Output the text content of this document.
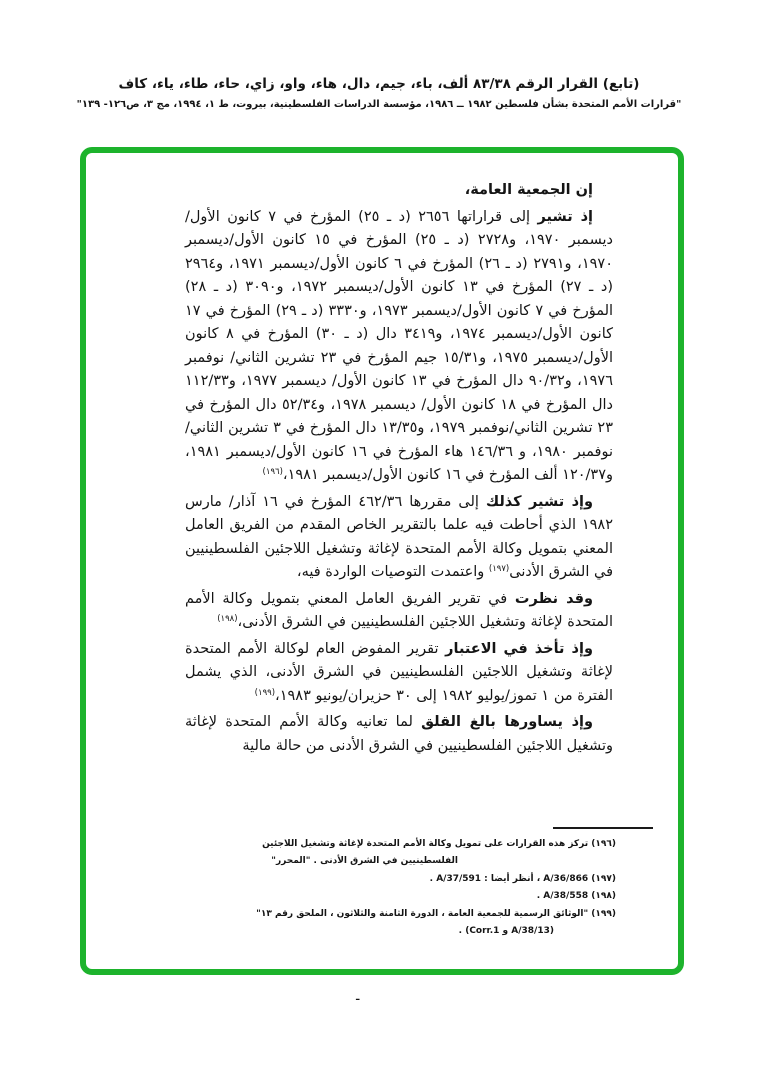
(تابع) القرار الرقم ٨٣/٣٨ ألف، باء، جيم، دال، هاء، واو، زاي، حاء، طاء، ياء، كاف
"قرارات الأمم المتحدة بشأن فلسطين ١٩٨٢ ــ ١٩٨٦، مؤسسة الدراسات الفلسطينية، بيروت، ط ١، ١٩٩٤، مج ٣، ص١٢٦- ١٣٩"

إن الجمعية العامة،

إذ تشير إلى قراراتها ٢٦٥٦ (د ـ ٢٥) المؤرخ في ٧ كانون الأول/ديسمبر ١٩٧٠، و٢٧٢٨ (د ـ ٢٥) المؤرخ في ١٥ كانون الأول/ديسمبر ١٩٧٠، و٢٧٩١ (د ـ ٢٦) المؤرخ في ٦ كانون الأول/ديسمبر ١٩٧١، و٢٩٦٤ (د ـ ٢٧) المؤرخ في ١٣ كانون الأول/ديسمبر ١٩٧٢، و٣٠٩٠ (د ـ ٢٨) المؤرخ في ٧ كانون الأول/ديسمبر ١٩٧٣، و٣٣٣٠ (د ـ ٢٩) المؤرخ في ١٧ كانون الأول/ديسمبر ١٩٧٤، و٣٤١٩ دال (د ـ ٣٠) المؤرخ في ٨ كانون الأول/ديسمبر ١٩٧٥، و١٥/٣١ جيم المؤرخ في ٢٣ تشرين الثاني/ نوفمبر ١٩٧٦، و٩٠/٣٢ دال المؤرخ في ١٣ كانون الأول/ ديسمبر ١٩٧٧، و١١٢/٣٣ دال المؤرخ في ١٨ كانون الأول/ ديسمبر ١٩٧٨، و٥٢/٣٤ دال المؤرخ في ٢٣ تشرين الثاني/نوفمبر ١٩٧٩، و١٣/٣٥ دال المؤرخ في ٣ تشرين الثاني/نوفمبر ١٩٨٠، و ١٤٦/٣٦ هاء المؤرخ في ١٦ كانون الأول/ديسمبر ١٩٨١، و١٢٠/٣٧ ألف المؤرخ في ١٦ كانون الأول/ديسمبر ١٩٨١،$^{(١٩٦)}$

وإذ تشير كذلك إلى مقررها ٤٦٢/٣٦ المؤرخ في ١٦ آذار/ مارس ١٩٨٢ الذي أحاطت فيه علما بالتقرير الخاص المقدم من الفريق العامل المعني بتمويل وكالة الأمم المتحدة لإغاثة وتشغيل اللاجئين الفلسطينيين في الشرق الأدنى$^{(١٩٧)}$ واعتمدت التوصيات الواردة فيه،

وقد نظرت في تقرير الفريق العامل المعني بتمويل وكالة الأمم المتحدة لإغاثة وتشغيل اللاجئين الفلسطينيين في الشرق الأدنى،$^{(١٩٨)}$

وإذ تأخذ في الاعتبار تقرير المفوض العام لوكالة الأمم المتحدة لإغاثة وتشغيل اللاجئين الفلسطينيين في الشرق الأدنى، الذي يشمل الفترة من ١ تموز/يوليو ١٩٨٢ إلى ٣٠ حزيران/يونيو ١٩٨٣،$^{(١٩٩)}$

وإذ يساورها بالغ القلق لما تعانيه وكالة الأمم المتحدة لإغاثة وتشغيل اللاجئين الفلسطينيين في الشرق الأدنى من حالة مالية

(١٩٦) تركز هذه القرارات على تمويل وكالة الأمم المتحدة لإغاثة وتشغيل اللاجئين
الفلسطينيين في الشرق الأدنى . "المحرر"
(١٩٧) A/36/866 ، أنظر أيضا : A/37/591 .
(١٩٨) A/38/558 .
(١٩٩) "الوثائق الرسمية للجمعية العامة ، الدورة الثامنة والثلاثون ، الملحق رقم ١٣"
(A/38/13 و Corr.1) .
ـ
